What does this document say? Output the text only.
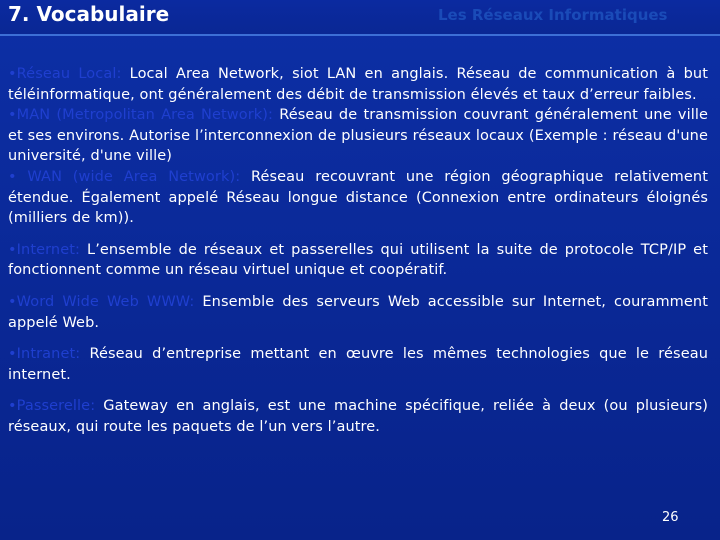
7. Vocabulaire	Les Réseaux Informatiques

•Réseau Local: Local Area Network, siot LAN en anglais. Réseau de communication à but téléinformatique, ont généralement des débit de transmission élevés et taux d’erreur faibles.

•MAN (Metropolitan Area Network): Réseau de transmission couvrant généralement une ville et ses environs. Autorise l’interconnexion de plusieurs réseaux locaux (Exemple : réseau d'une université, d'une ville)

• WAN (wide Area Network): Réseau recouvrant une région géographique relativement étendue. Également appelé Réseau longue distance (Connexion entre ordinateurs éloignés (milliers de km)).

•Internet: L’ensemble de réseaux et passerelles qui utilisent la suite de protocole TCP/IP et fonctionnent comme un réseau virtuel unique et coopératif.

•Word Wide Web WWW: Ensemble des serveurs Web accessible sur Internet, couramment appelé Web.

•Intranet: Réseau d’entreprise mettant en œuvre les mêmes technologies que le réseau internet.

•Passerelle: Gateway en anglais, est une machine spécifique, reliée à deux (ou plusieurs) réseaux, qui route les paquets de l’un vers l’autre.

26
